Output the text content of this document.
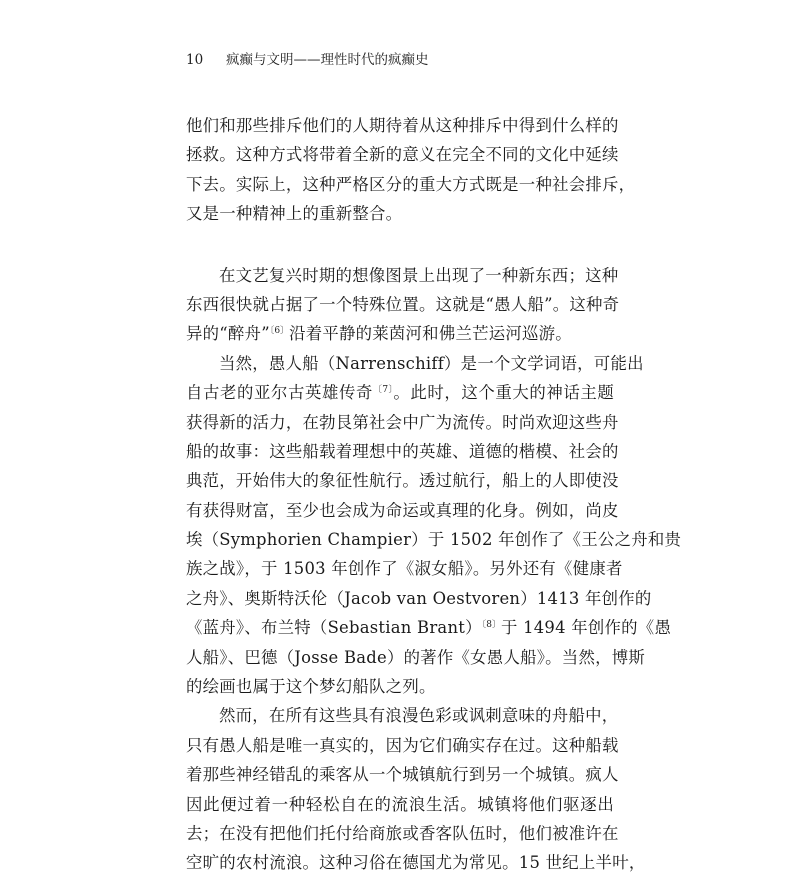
10 疯癫与文明——理性时代的疯癫史
他们和那些排斥他们的人期待着从这种排斥中得到什么样的
拯救。这种方式将带着全新的意义在完全不同的文化中延续
下去。实际上，这种严格区分的重大方式既是一种社会排斥，
又是一种精神上的重新整合。
在文艺复兴时期的想像图景上出现了一种新东西；这种
东西很快就占据了一个特殊位置。这就是“愚人船”。这种奇
异的“醉舟”$^{〔6〕}$沿着平静的莱茵河和佛兰芒运河巡游。
当然，愚人船（Narrenschiff）是一个文学词语，可能出
自古老的亚尔古英雄传奇$^{〔7〕}$。此时，这个重大的神话主题
获得新的活力，在勃艮第社会中广为流传。时尚欢迎这些舟
船的故事：这些船载着理想中的英雄、道德的楷模、社会的
典范，开始伟大的象征性航行。透过航行，船上的人即使没
有获得财富，至少也会成为命运或真理的化身。例如，尚皮
埃（Symphorien Champier）于 1502 年创作了《王公之舟和贵
族之战》，于 1503 年创作了《淑女船》。另外还有《健康者
之舟》、奥斯特沃伦（Jacob van Oestvoren）1413 年创作的
《蓝舟》、布兰特（Sebastian Brant）$^{〔8〕}$于 1494 年创作的《愚
人船》、巴德（Josse Bade）的著作《女愚人船》。当然，博斯
的绘画也属于这个梦幻船队之列。
然而，在所有这些具有浪漫色彩或讽刺意味的舟船中，
只有愚人船是唯一真实的，因为它们确实存在过。这种船载
着那些神经错乱的乘客从一个城镇航行到另一个城镇。疯人
因此便过着一种轻松自在的流浪生活。城镇将他们驱逐出
去；在没有把他们托付给商旅或香客队伍时，他们被准许在
空旷的农村流浪。这种习俗在德国尤为常见。15 世纪上半叶，
